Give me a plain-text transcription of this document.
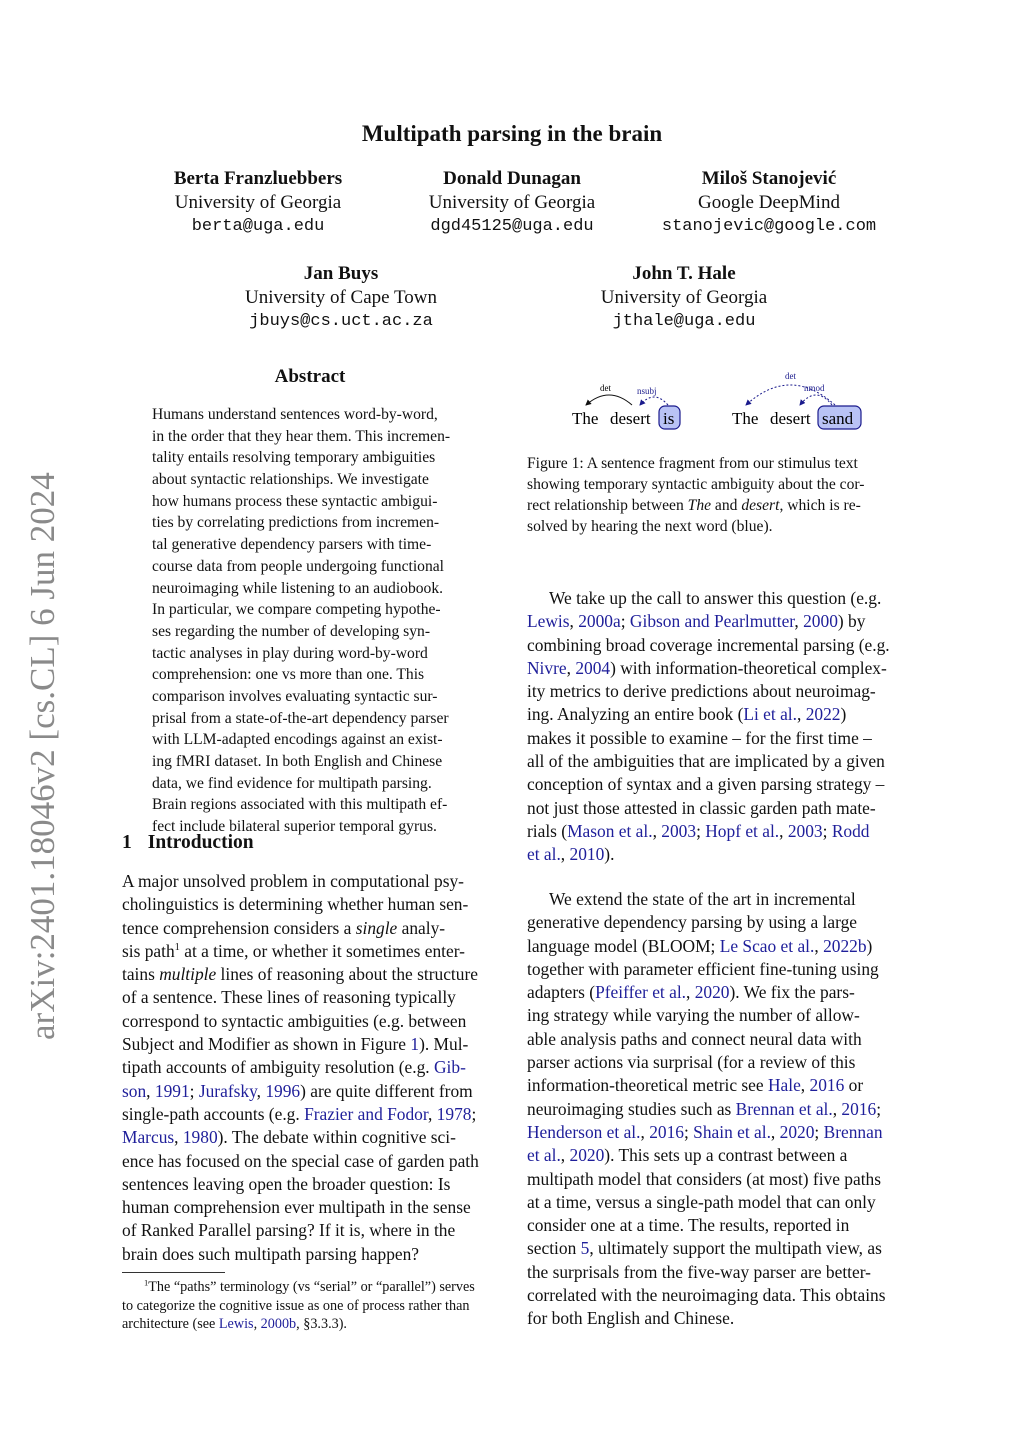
arXiv:2401.18046v2 [cs.CL] 6 Jun 2024
Multipath parsing in the brain
Berta Franzluebbers
University of Georgia
berta@uga.edu
Donald Dunagan
University of Georgia
dgd45125@uga.edu
Miloš Stanojević
Google DeepMind
stanojevic@google.com
Jan Buys
University of Cape Town
jbuys@cs.uct.ac.za
John T. Hale
University of Georgia
jthale@uga.edu
Abstract
Humans understand sentences word-by-word,
in the order that they hear them. This incremen-
tality entails resolving temporary ambiguities
about syntactic relationships. We investigate
how humans process these syntactic ambigui-
ties by correlating predictions from incremen-
tal generative dependency parsers with time-
course data from people undergoing functional
neuroimaging while listening to an audiobook.
In particular, we compare competing hypothe-
ses regarding the number of developing syn-
tactic analyses in play during word-by-word
comprehension: one vs more than one. This
comparison involves evaluating syntactic sur-
prisal from a state-of-the-art dependency parser
with LLM-adapted encodings against an exist-
ing fMRI dataset. In both English and Chinese
data, we find evidence for multipath parsing.
Brain regions associated with this multipath ef-
fect include bilateral superior temporal gyrus.
1 Introduction
A major unsolved problem in computational psy-
cholinguistics is determining whether human sen-
tence comprehension considers a single analy-
sis path$^1$ at a time, or whether it sometimes enter-
tains multiple lines of reasoning about the structure
of a sentence. These lines of reasoning typically
correspond to syntactic ambiguities (e.g. between
Subject and Modifier as shown in Figure 1). Mul-
tipath accounts of ambiguity resolution (e.g. Gib-
son, 1991; Jurafsky, 1996) are quite different from
single-path accounts (e.g. Frazier and Fodor, 1978;
Marcus, 1980). The debate within cognitive sci-
ence has focused on the special case of garden path
sentences leaving open the broader question: Is
human comprehension ever multipath in the sense
of Ranked Parallel parsing? If it is, where in the
brain does such multipath parsing happen?
$^1$The “paths” terminology (vs “serial” or “parallel”) serves
to categorize the cognitive issue as one of process rather than
architecture (see Lewis, 2000b, §3.3.3).
The desert is
det	nsubj
The desert sand
det
nmod
Figure 1: A sentence fragment from our stimulus text
showing temporary syntactic ambiguity about the cor-
rect relationship between The and desert, which is re-
solved by hearing the next word (blue).
We take up the call to answer this question (e.g.
Lewis, 2000a; Gibson and Pearlmutter, 2000) by
combining broad coverage incremental parsing (e.g.
Nivre, 2004) with information-theoretical complex-
ity metrics to derive predictions about neuroimag-
ing. Analyzing an entire book (Li et al., 2022)
makes it possible to examine – for the first time –
all of the ambiguities that are implicated by a given
conception of syntax and a given parsing strategy –
not just those attested in classic garden path mate-
rials (Mason et al., 2003; Hopf et al., 2003; Rodd
et al., 2010).
We extend the state of the art in incremental
generative dependency parsing by using a large
language model (BLOOM; Le Scao et al., 2022b)
together with parameter efficient fine-tuning using
adapters (Pfeiffer et al., 2020). We fix the pars-
ing strategy while varying the number of allow-
able analysis paths and connect neural data with
parser actions via surprisal (for a review of this
information-theoretical metric see Hale, 2016 or
neuroimaging studies such as Brennan et al., 2016;
Henderson et al., 2016; Shain et al., 2020; Brennan
et al., 2020). This sets up a contrast between a
multipath model that considers (at most) five paths
at a time, versus a single-path model that can only
consider one at a time. The results, reported in
section 5, ultimately support the multipath view, as
the surprisals from the five-way parser are better-
correlated with the neuroimaging data. This obtains
for both English and Chinese.
